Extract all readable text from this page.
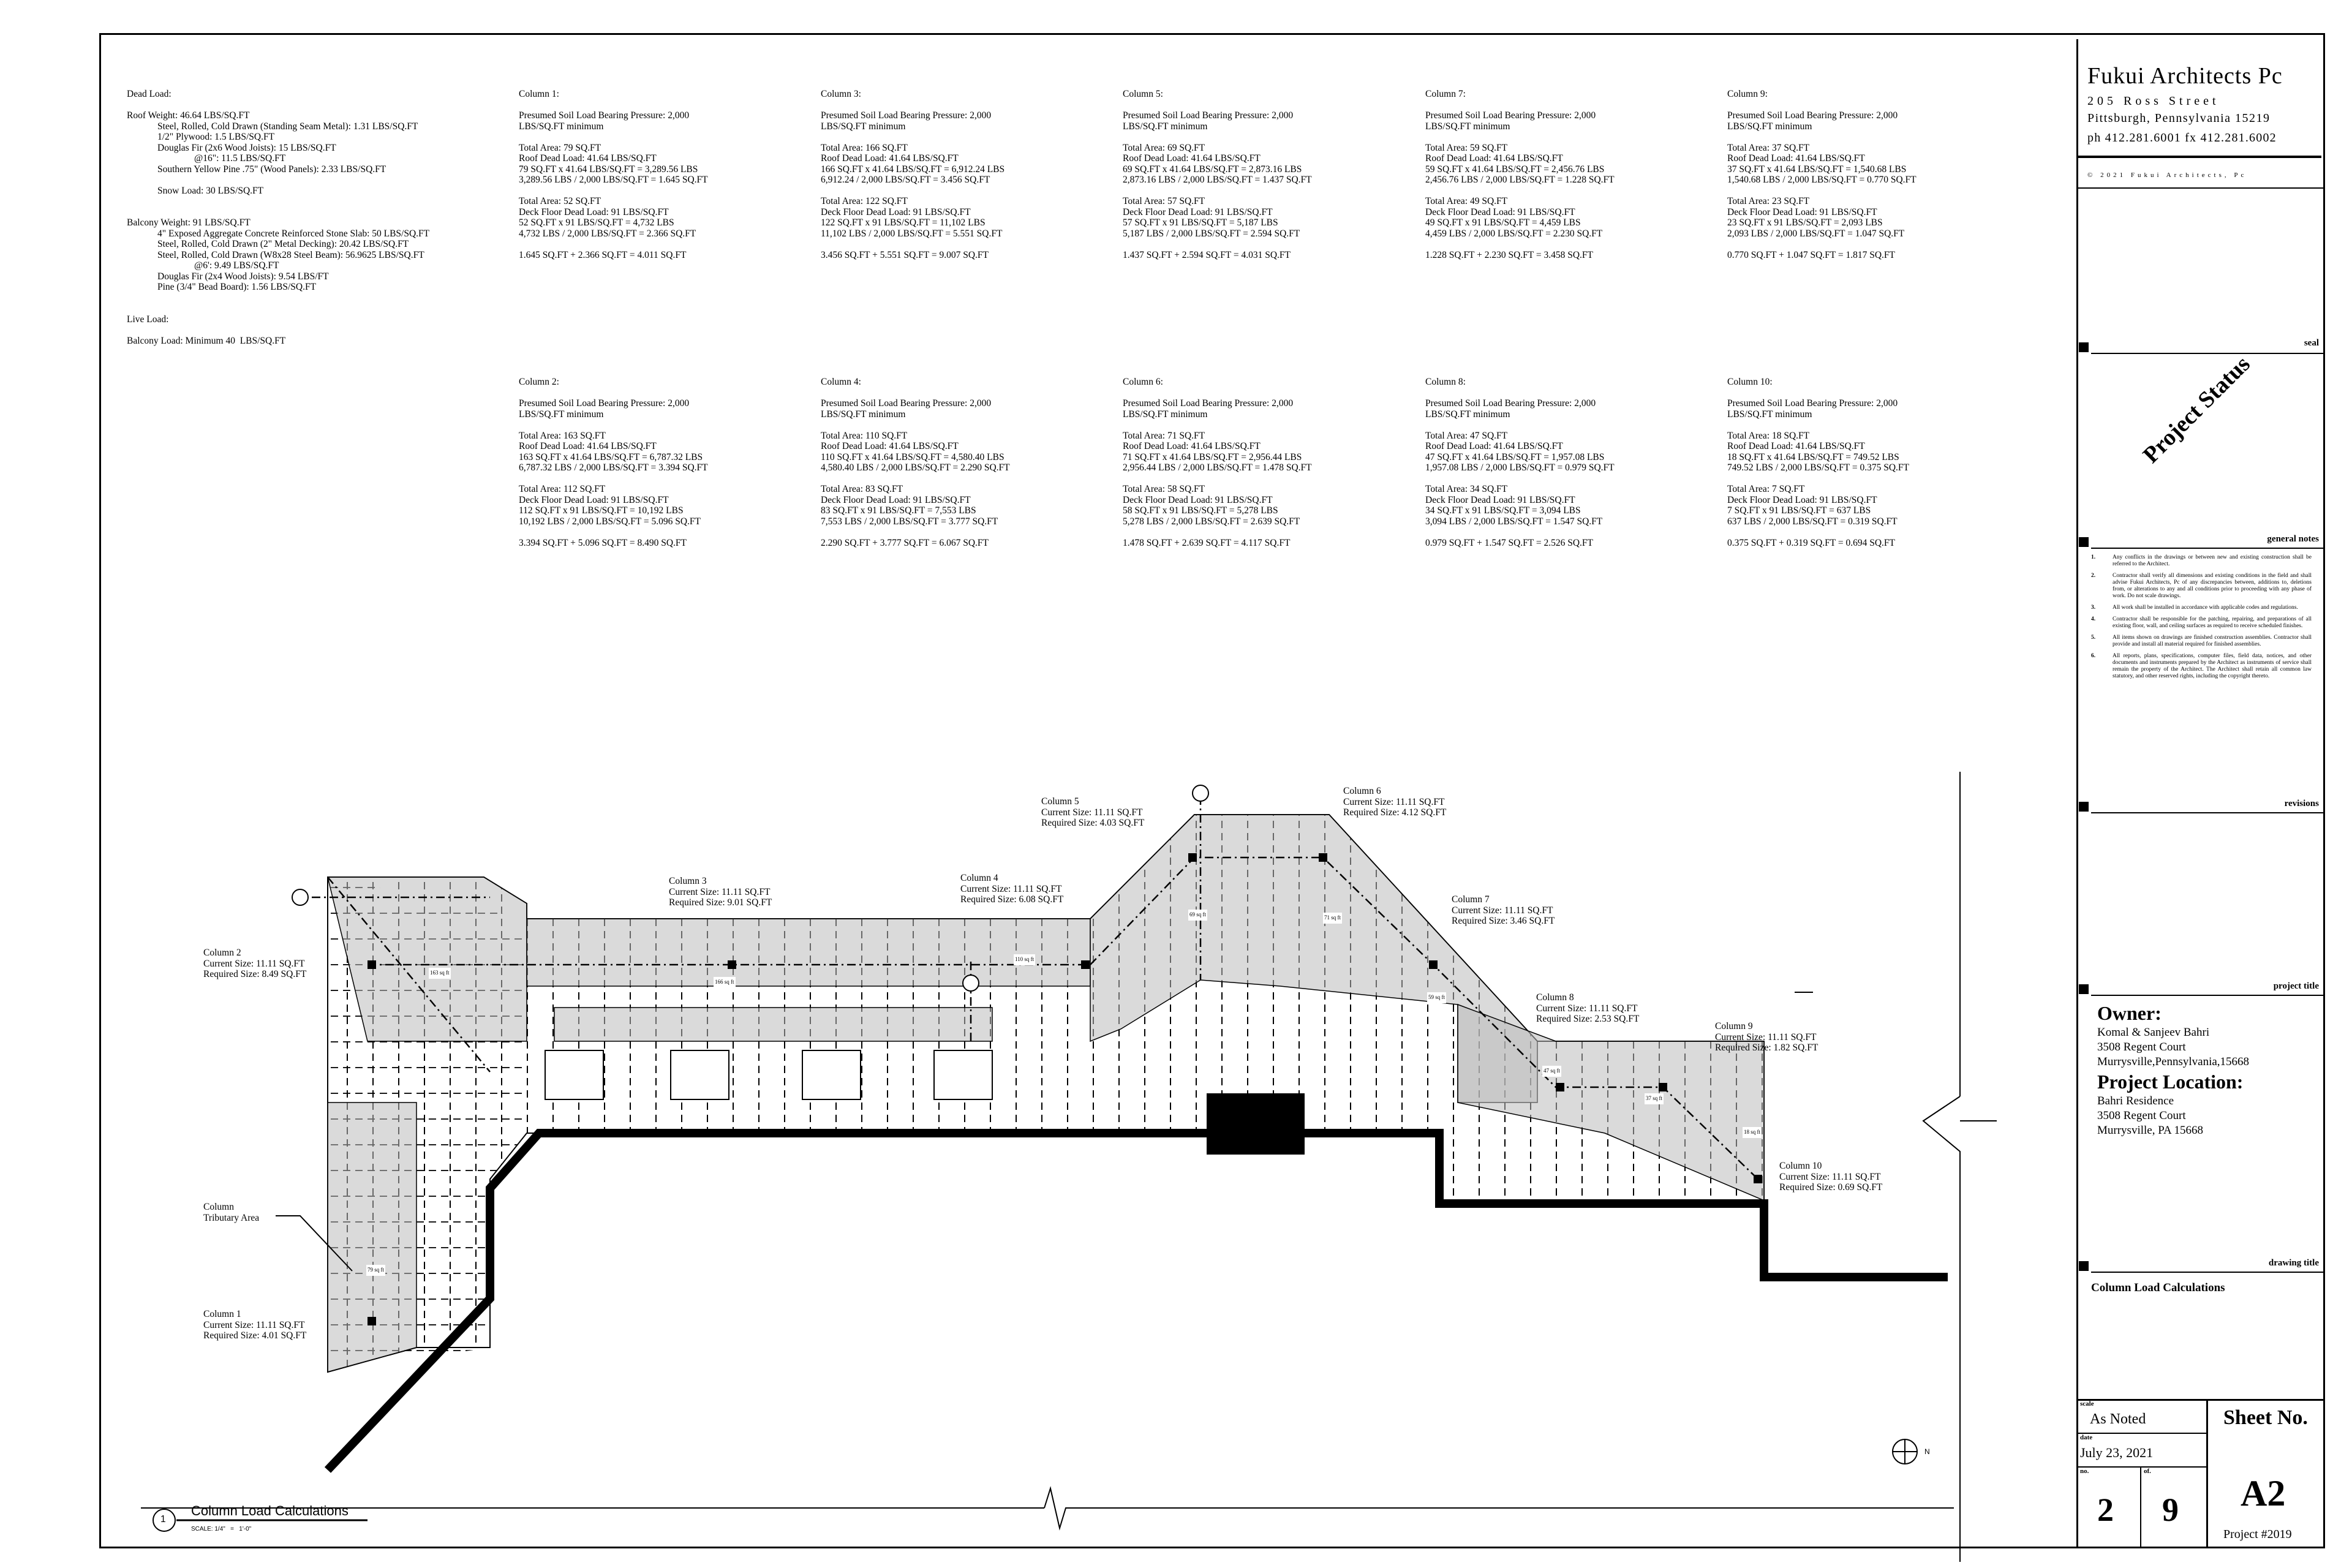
Dead Load:
Roof Weight: 46.64 LBS/SQ.FT
Steel, Rolled, Cold Drawn (Standing Seam Metal): 1.31 LBS/SQ.FT
1/2" Plywood: 1.5 LBS/SQ.FT
Douglas Fir (2x6 Wood Joists): 15 LBS/SQ.FT
@16": 11.5 LBS/SQ.FT
Southern Yellow Pine .75" (Wood Panels): 2.33 LBS/SQ.FT
Snow Load: 30 LBS/SQ.FT
Balcony Weight: 91 LBS/SQ.FT
4" Exposed Aggregate Concrete Reinforced Stone Slab: 50 LBS/SQ.FT
Steel, Rolled, Cold Drawn (2" Metal Decking): 20.42 LBS/SQ.FT
Steel, Rolled, Cold Drawn (W8x28 Steel Beam): 56.9625 LBS/SQ.FT
@6': 9.49 LBS/SQ.FT
Douglas Fir (2x4 Wood Joists): 9.54 LBS/FT
Pine (3/4" Bead Board): 1.56 LBS/SQ.FT
Live Load:
Balcony Load: Minimum 40  LBS/SQ.FT
Column 1:
Presumed Soil Load Bearing Pressure: 2,000
LBS/SQ.FT minimum
Total Area: 79 SQ.FT
Roof Dead Load: 41.64 LBS/SQ.FT
79 SQ.FT x 41.64 LBS/SQ.FT = 3,289.56 LBS
3,289.56 LBS / 2,000 LBS/SQ.FT = 1.645 SQ.FT
Total Area: 52 SQ.FT
Deck Floor Dead Load: 91 LBS/SQ.FT
52 SQ.FT x 91 LBS/SQ.FT = 4,732 LBS
4,732 LBS / 2,000 LBS/SQ.FT = 2.366 SQ.FT
1.645 SQ.FT + 2.366 SQ.FT = 4.011 SQ.FT
Column 2:
Presumed Soil Load Bearing Pressure: 2,000
LBS/SQ.FT minimum
Total Area: 163 SQ.FT
Roof Dead Load: 41.64 LBS/SQ.FT
163 SQ.FT x 41.64 LBS/SQ.FT = 6,787.32 LBS
6,787.32 LBS / 2,000 LBS/SQ.FT = 3.394 SQ.FT
Total Area: 112 SQ.FT
Deck Floor Dead Load: 91 LBS/SQ.FT
112 SQ.FT x 91 LBS/SQ.FT = 10,192 LBS
10,192 LBS / 2,000 LBS/SQ.FT = 5.096 SQ.FT
3.394 SQ.FT + 5.096 SQ.FT = 8.490 SQ.FT
Column 3:
Presumed Soil Load Bearing Pressure: 2,000
LBS/SQ.FT minimum
Total Area: 166 SQ.FT
Roof Dead Load: 41.64 LBS/SQ.FT
166 SQ.FT x 41.64 LBS/SQ.FT = 6,912.24 LBS
6,912.24 / 2,000 LBS/SQ.FT = 3.456 SQ.FT
Total Area: 122 SQ.FT
Deck Floor Dead Load: 91 LBS/SQ.FT
122 SQ.FT x 91 LBS/SQ.FT = 11,102 LBS
11,102 LBS / 2,000 LBS/SQ.FT = 5.551 SQ.FT
3.456 SQ.FT + 5.551 SQ.FT = 9.007 SQ.FT
Column 4:
Presumed Soil Load Bearing Pressure: 2,000
LBS/SQ.FT minimum
Total Area: 110 SQ.FT
Roof Dead Load: 41.64 LBS/SQ.FT
110 SQ.FT x 41.64 LBS/SQ.FT = 4,580.40 LBS
4,580.40 LBS / 2,000 LBS/SQ.FT = 2.290 SQ.FT
Total Area: 83 SQ.FT
Deck Floor Dead Load: 91 LBS/SQ.FT
83 SQ.FT x 91 LBS/SQ.FT = 7,553 LBS
7,553 LBS / 2,000 LBS/SQ.FT = 3.777 SQ.FT
2.290 SQ.FT + 3.777 SQ.FT = 6.067 SQ.FT
Column 5:
Presumed Soil Load Bearing Pressure: 2,000
LBS/SQ.FT minimum
Total Area: 69 SQ.FT
Roof Dead Load: 41.64 LBS/SQ.FT
69 SQ.FT x 41.64 LBS/SQ.FT = 2,873.16 LBS
2,873.16 LBS / 2,000 LBS/SQ.FT = 1.437 SQ.FT
Total Area: 57 SQ.FT
Deck Floor Dead Load: 91 LBS/SQ.FT
57 SQ.FT x 91 LBS/SQ.FT = 5,187 LBS
5,187 LBS / 2,000 LBS/SQ.FT = 2.594 SQ.FT
1.437 SQ.FT + 2.594 SQ.FT = 4.031 SQ.FT
Column 6:
Presumed Soil Load Bearing Pressure: 2,000
LBS/SQ.FT minimum
Total Area: 71 SQ.FT
Roof Dead Load: 41.64 LBS/SQ.FT
71 SQ.FT x 41.64 LBS/SQ.FT = 2,956.44 LBS
2,956.44 LBS / 2,000 LBS/SQ.FT = 1.478 SQ.FT
Total Area: 58 SQ.FT
Deck Floor Dead Load: 91 LBS/SQ.FT
58 SQ.FT x 91 LBS/SQ.FT = 5,278 LBS
5,278 LBS / 2,000 LBS/SQ.FT = 2.639 SQ.FT
1.478 SQ.FT + 2.639 SQ.FT = 4.117 SQ.FT
Column 7:
Presumed Soil Load Bearing Pressure: 2,000
LBS/SQ.FT minimum
Total Area: 59 SQ.FT
Roof Dead Load: 41.64 LBS/SQ.FT
59 SQ.FT x 41.64 LBS/SQ.FT = 2,456.76 LBS
2,456.76 LBS / 2,000 LBS/SQ.FT = 1.228 SQ.FT
Total Area: 49 SQ.FT
Deck Floor Dead Load: 91 LBS/SQ.FT
49 SQ.FT x 91 LBS/SQ.FT = 4,459 LBS
4,459 LBS / 2,000 LBS/SQ.FT = 2.230 SQ.FT
1.228 SQ.FT + 2.230 SQ.FT = 3.458 SQ.FT
Column 8:
Presumed Soil Load Bearing Pressure: 2,000
LBS/SQ.FT minimum
Total Area: 47 SQ.FT
Roof Dead Load: 41.64 LBS/SQ.FT
47 SQ.FT x 41.64 LBS/SQ.FT = 1,957.08 LBS
1,957.08 LBS / 2,000 LBS/SQ.FT = 0.979 SQ.FT
Total Area: 34 SQ.FT
Deck Floor Dead Load: 91 LBS/SQ.FT
34 SQ.FT x 91 LBS/SQ.FT = 3,094 LBS
3,094 LBS / 2,000 LBS/SQ.FT = 1.547 SQ.FT
0.979 SQ.FT + 1.547 SQ.FT = 2.526 SQ.FT
Column 9:
Presumed Soil Load Bearing Pressure: 2,000
LBS/SQ.FT minimum
Total Area: 37 SQ.FT
Roof Dead Load: 41.64 LBS/SQ.FT
37 SQ.FT x 41.64 LBS/SQ.FT = 1,540.68 LBS
1,540.68 LBS / 2,000 LBS/SQ.FT = 0.770 SQ.FT
Total Area: 23 SQ.FT
Deck Floor Dead Load: 91 LBS/SQ.FT
23 SQ.FT x 91 LBS/SQ.FT = 2,093 LBS
2,093 LBS / 2,000 LBS/SQ.FT = 1.047 SQ.FT
0.770 SQ.FT + 1.047 SQ.FT = 1.817 SQ.FT
Column 10:
Presumed Soil Load Bearing Pressure: 2,000
LBS/SQ.FT minimum
Total Area: 18 SQ.FT
Roof Dead Load: 41.64 LBS/SQ.FT
18 SQ.FT x 41.64 LBS/SQ.FT = 749.52 LBS
749.52 LBS / 2,000 LBS/SQ.FT = 0.375 SQ.FT
Total Area: 7 SQ.FT
Deck Floor Dead Load: 91 LBS/SQ.FT
7 SQ.FT x 91 LBS/SQ.FT = 637 LBS
637 LBS / 2,000 LBS/SQ.FT = 0.319 SQ.FT
0.375 SQ.FT + 0.319 SQ.FT = 0.694 SQ.FT
1
Column Load Calculations
SCALE: 1/4"   =   1'-0"
N
Column 1
Current Size: 11.11 SQ.FT
Required Size: 4.01 SQ.FT
Column 2
Current Size: 11.11 SQ.FT
Required Size: 8.49 SQ.FT
Column 3
Current Size: 11.11 SQ.FT
Required Size: 9.01 SQ.FT
Column 4
Current Size: 11.11 SQ.FT
Required Size: 6.08 SQ.FT
Column 5
Current Size: 11.11 SQ.FT
Required Size: 4.03 SQ.FT
Column 6
Current Size: 11.11 SQ.FT
Required Size: 4.12 SQ.FT
Column 7
Current Size: 11.11 SQ.FT
Required Size: 3.46 SQ.FT
Column 8
Current Size: 11.11 SQ.FT
Required Size: 2.53 SQ.FT
Column 9
Current Size: 11.11 SQ.FT
Required Size: 1.82 SQ.FT
Column 10
Current Size: 11.11 SQ.FT
Required Size: 0.69 SQ.FT
Column
Tributary Area
79 sq ft
163 sq ft
166 sq ft
110 sq ft
69 sq ft	71 sq ft
59 sq ft
47 sq ft
37 sq ft
18 sq ft
Fukui Architects Pc
205 Ross Street
Pittsburgh, Pennsylvania 15219
ph 412.281.6001 fx 412.281.6002
© 2021 Fukui Architects, Pc
seal
Project Status
general notes
1.	Any conflicts in the drawings or between new and existing construction shall be referred to the Architect.
2.	Contractor shall verify all dimensions and existing conditions in the field and shall advise Fukui Architects, Pc of any discrepancies between, additions to, deletions from, or alterations to any and all conditions prior to proceeding with any phase of work. Do not scale drawings.
3.	All work shall be installed in accordance with applicable codes and regulations.
4.	Contractor shall be responsible for the patching, repairing, and preparations of all existing floor, wall, and ceiling surfaces as required to receive scheduled finishes.
5.	All items shown on drawings are finished construction assemblies. Contractor shall provide and install all material required for finished assemblies.
6.	All reports, plans, specifications, computer files, field data, notices, and other documents and instruments prepared by the Architect as instruments of service shall remain the property of the Architect. The Architect shall retain all common law statutory, and other reserved rights, including the copyright thereto.
revisions
project title
Owner:
Komal & Sanjeev Bahri
3508 Regent Court
Murrysville,Pennsylvania,15668
Project Location:
Bahri Residence
3508 Regent Court
Murrysville, PA 15668
drawing title
Column Load Calculations
scale
As Noted
date
July 23, 2021
no.	of.
2 9
Sheet No.
A2
Project #2019
